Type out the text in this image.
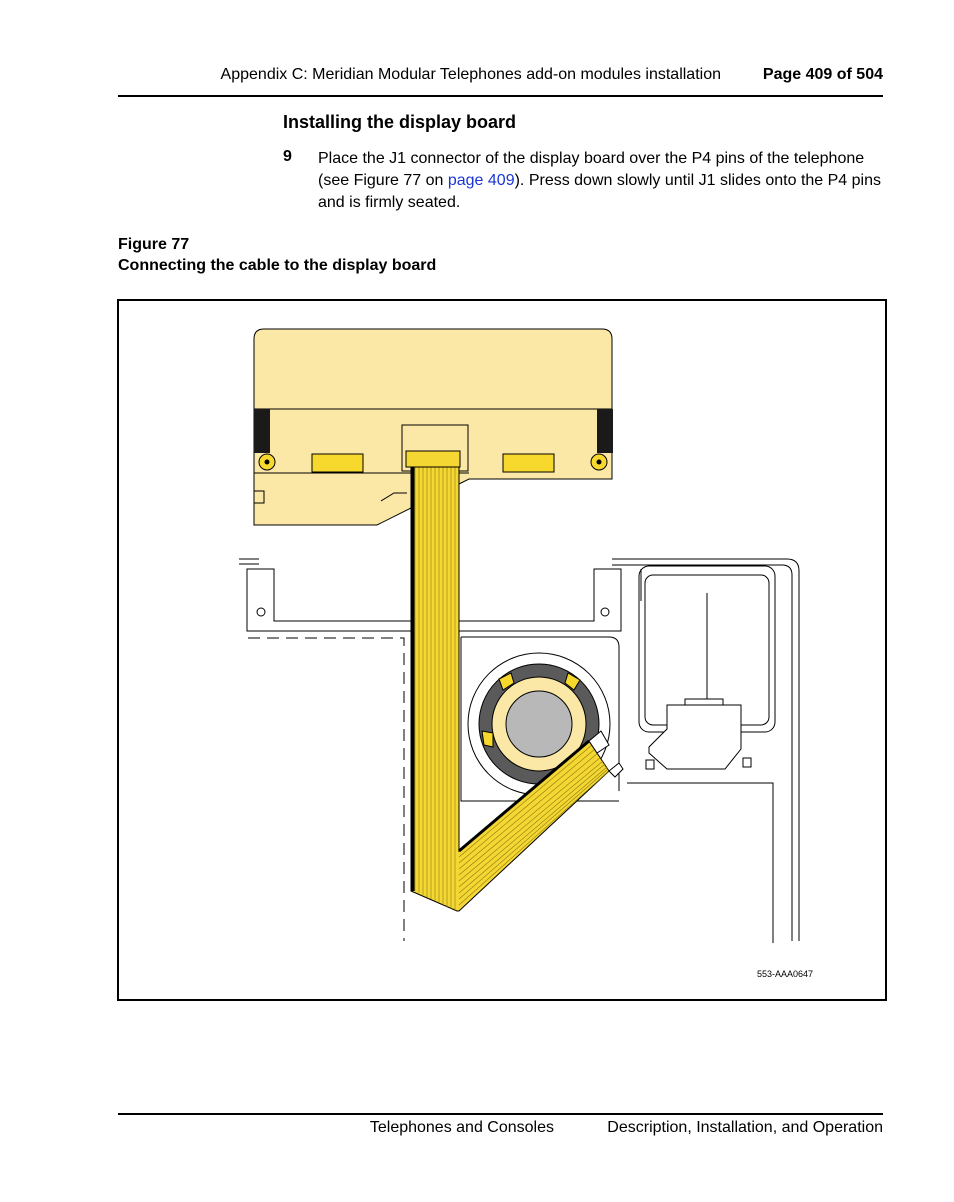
Appendix C: Meridian Modular Telephones add-on modules installation	Page 409 of 504
Installing the display board
9 Place the J1 connector of the display board over the P4 pins of the telephone (see Figure 77 on page 409). Press down slowly until J1 slides onto the P4 pins and is firmly seated.
Figure 77
Connecting the cable to the display board
553-AAA0647
Telephones and Consoles	Description, Installation, and Operation
